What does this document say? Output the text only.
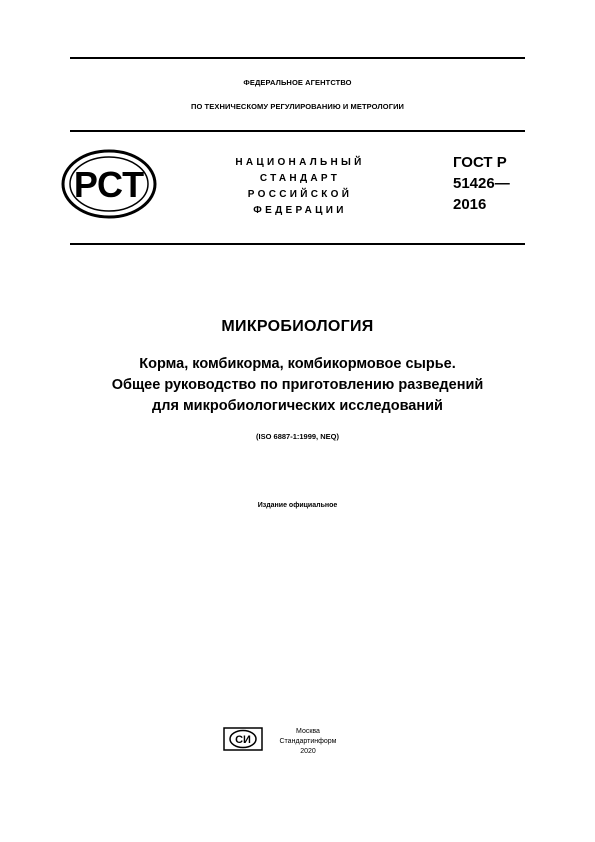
ФЕДЕРАЛЬНОЕ АГЕНТСТВО
ПО ТЕХНИЧЕСКОМУ РЕГУЛИРОВАНИЮ И МЕТРОЛОГИИ
РСТ
НАЦИОНАЛЬНЫЙ
СТАНДАРТ
РОССИЙСКОЙ
ФЕДЕРАЦИИ
ГОСТ Р
51426—
2016
МИКРОБИОЛОГИЯ
Корма, комбикорма, комбикормовое сырье.
Общее руководство по приготовлению разведений
для микробиологических исследований
(ISO 6887-1:1999, NEQ)
Издание официальное
СИ
Москва
Стандартинформ
2020
